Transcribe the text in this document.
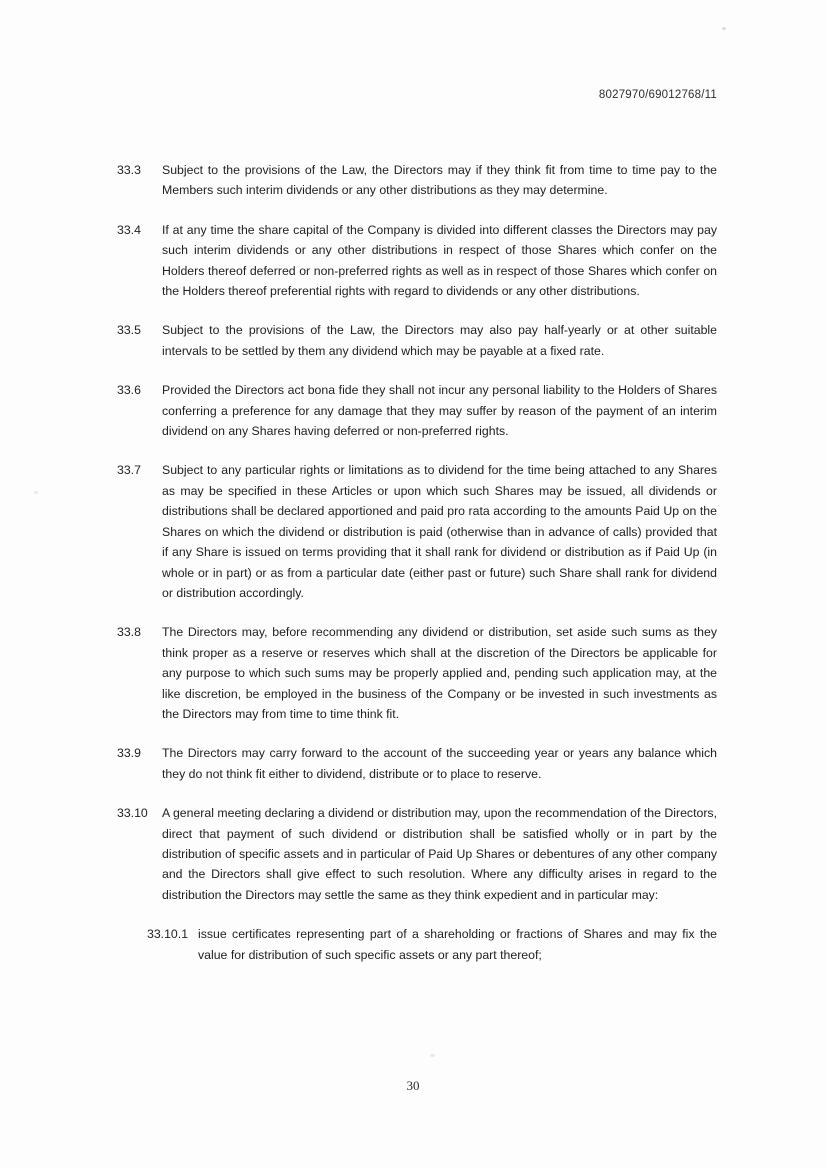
8027970/69012768/11
33.3	Subject to the provisions of the Law, the Directors may if they think fit from time to time pay to the Members such interim dividends or any other distributions as they may determine.

33.4	If at any time the share capital of the Company is divided into different classes the Directors may pay such interim dividends or any other distributions in respect of those Shares which confer on the Holders thereof deferred or non-preferred rights as well as in respect of those Shares which confer on the Holders thereof preferential rights with regard to dividends or any other distributions.

33.5	Subject to the provisions of the Law, the Directors may also pay half-yearly or at other suitable intervals to be settled by them any dividend which may be payable at a fixed rate.

33.6	Provided the Directors act bona fide they shall not incur any personal liability to the Holders of Shares conferring a preference for any damage that they may suffer by reason of the payment of an interim dividend on any Shares having deferred or non-preferred rights.

33.7	Subject to any particular rights or limitations as to dividend for the time being attached to any Shares as may be specified in these Articles or upon which such Shares may be issued, all dividends or distributions shall be declared apportioned and paid pro rata according to the amounts Paid Up on the Shares on which the dividend or distribution is paid (otherwise than in advance of calls) provided that if any Share is issued on terms providing that it shall rank for dividend or distribution as if Paid Up (in whole or in part) or as from a particular date (either past or future) such Share shall rank for dividend or distribution accordingly.

33.8	The Directors may, before recommending any dividend or distribution, set aside such sums as they think proper as a reserve or reserves which shall at the discretion of the Directors be applicable for any purpose to which such sums may be properly applied and, pending such application may, at the like discretion, be employed in the business of the Company or be invested in such investments as the Directors may from time to time think fit.

33.9	The Directors may carry forward to the account of the succeeding year or years any balance which they do not think fit either to dividend, distribute or to place to reserve.

33.10	A general meeting declaring a dividend or distribution may, upon the recommendation of the Directors, direct that payment of such dividend or distribution shall be satisfied wholly or in part by the distribution of specific assets and in particular of Paid Up Shares or debentures of any other company and the Directors shall give effect to such resolution. Where any difficulty arises in regard to the distribution the Directors may settle the same as they think expedient and in particular may:

33.10.1 issue certificates representing part of a shareholding or fractions of Shares and may fix the value for distribution of such specific assets or any part thereof;

30
